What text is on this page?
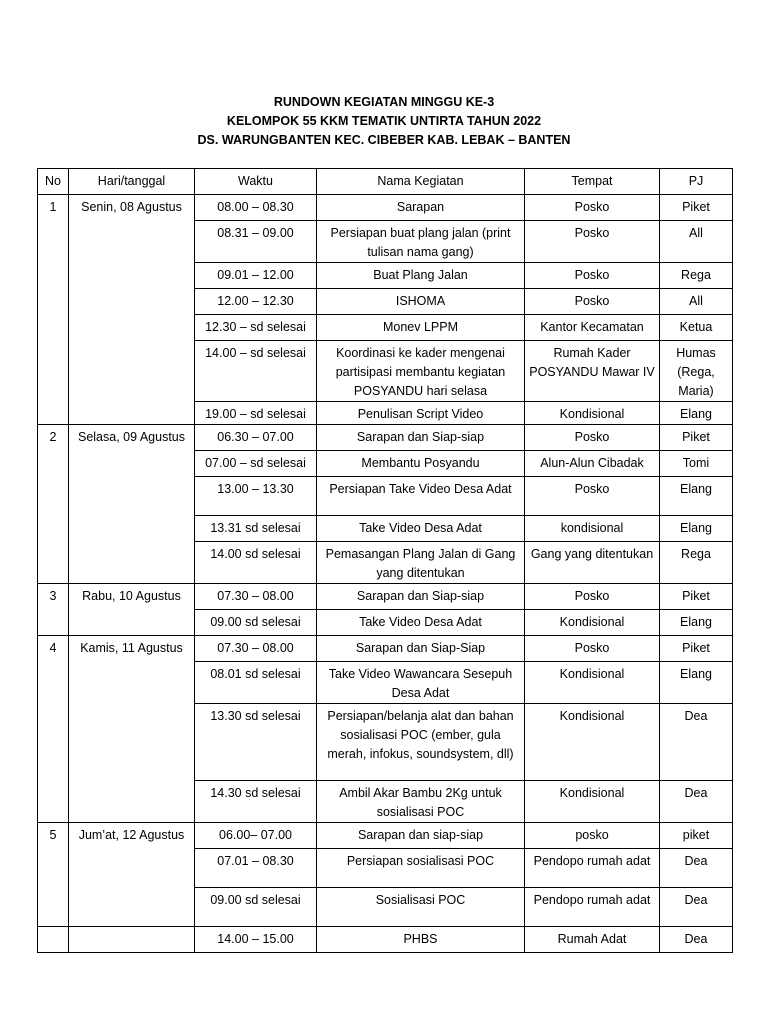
RUNDOWN KEGIATAN MINGGU KE-3
KELOMPOK 55 KKM TEMATIK UNTIRTA TAHUN 2022
DS. WARUNGBANTEN KEC. CIBEBER KAB. LEBAK – BANTEN
No	Hari/tanggal	Waktu	Nama Kegiatan	Tempat	PJ
1	Senin, 08 Agustus	08.00 – 08.30	Sarapan	Posko	Piket
		08.31 – 09.00	Persiapan buat plang jalan (print tulisan nama gang)	Posko	All
		09.01 – 12.00	Buat Plang Jalan	Posko	Rega
		12.00 – 12.30	ISHOMA	Posko	All
		12.30 – sd selesai	Monev LPPM	Kantor Kecamatan	Ketua
		14.00 – sd selesai	Koordinasi ke kader mengenai partisipasi membantu kegiatan POSYANDU hari selasa	Rumah Kader POSYANDU Mawar IV	Humas (Rega, Maria)
		19.00 – sd selesai	Penulisan Script Video	Kondisional	Elang
2	Selasa, 09 Agustus	06.30 – 07.00	Sarapan dan Siap-siap	Posko	Piket
		07.00 – sd selesai	Membantu Posyandu	Alun-Alun Cibadak	Tomi
		13.00 – 13.30	Persiapan Take Video Desa Adat	Posko	Elang
		13.31 sd selesai	Take Video Desa Adat	kondisional	Elang
		14.00 sd selesai	Pemasangan Plang Jalan di Gang yang ditentukan	Gang yang ditentukan	Rega
3	Rabu, 10 Agustus	07.30 – 08.00	Sarapan dan Siap-siap	Posko	Piket
		09.00 sd selesai	Take Video Desa Adat	Kondisional	Elang
4	Kamis, 11 Agustus	07.30 – 08.00	Sarapan dan Siap-Siap	Posko	Piket
		08.01 sd selesai	Take Video Wawancara Sesepuh Desa Adat	Kondisional	Elang
		13.30 sd selesai	Persiapan/belanja alat dan bahan sosialisasi POC (ember, gula merah, infokus, soundsystem, dll)	Kondisional	Dea
		14.30 sd selesai	Ambil Akar Bambu 2Kg untuk sosialisasi POC	Kondisional	Dea
5	Jum’at, 12 Agustus	06.00– 07.00	Sarapan dan siap-siap	posko	piket
		07.01 – 08.30	Persiapan sosialisasi POC	Pendopo rumah adat	Dea
		09.00 sd selesai	Sosialisasi POC	Pendopo rumah adat	Dea
		14.00 – 15.00	PHBS	Rumah Adat	Dea
